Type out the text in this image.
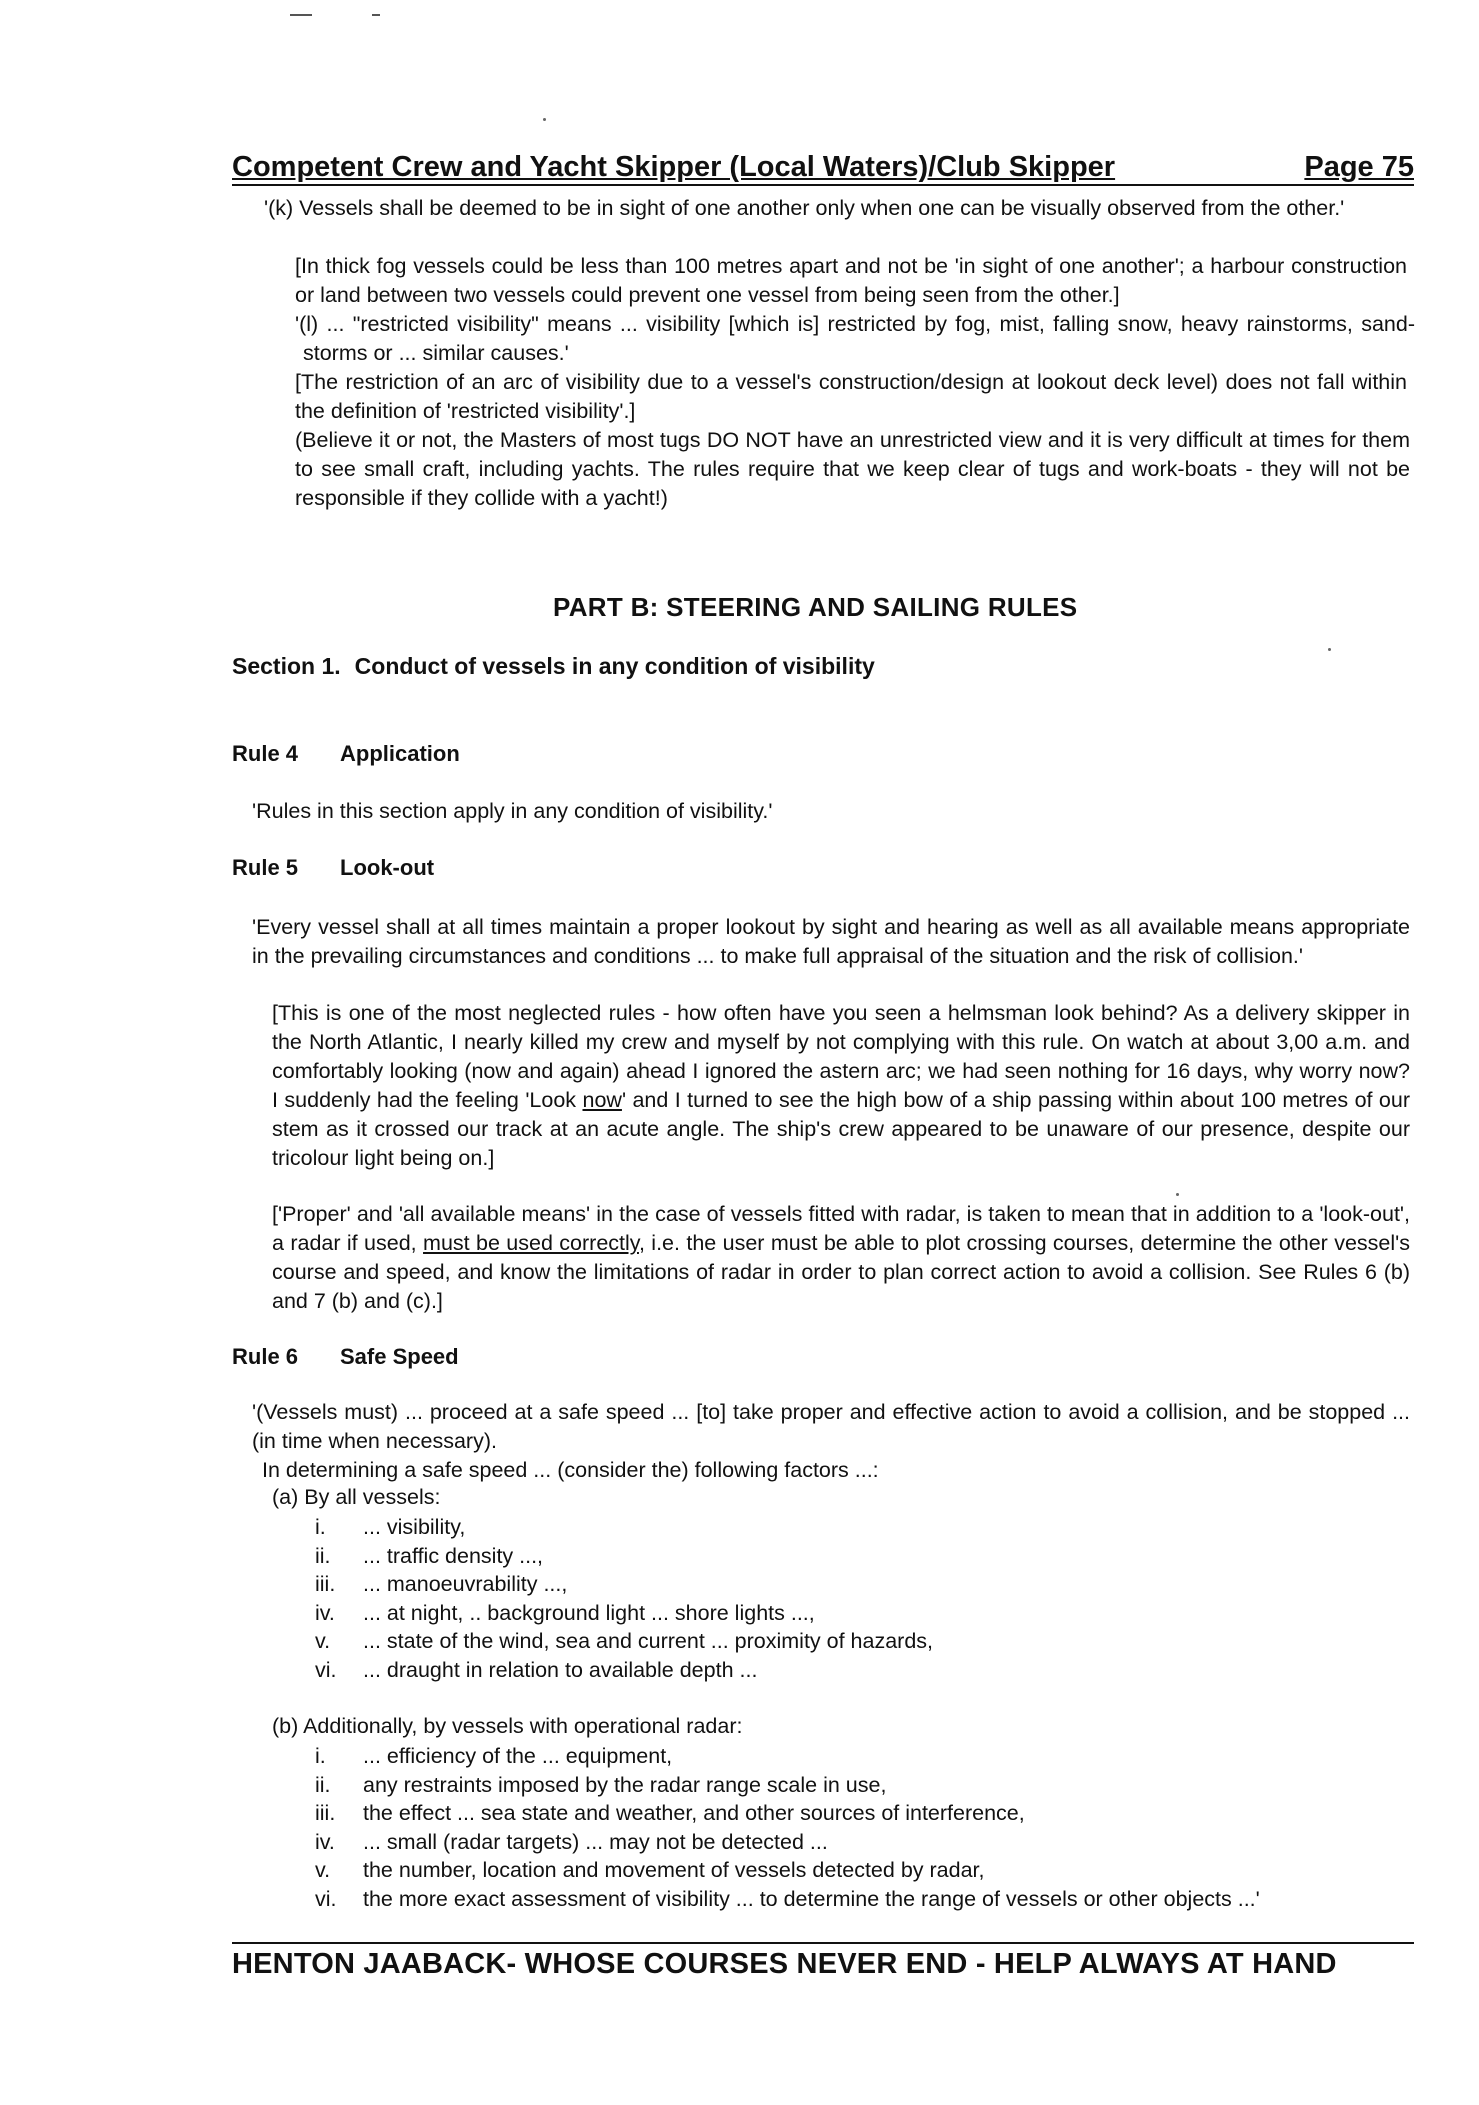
Competent Crew and Yacht Skipper (Local Waters)/Club Skipper	Page 75

'(k) Vessels shall be deemed to be in sight of one another only when one can be visually observed from the other.'

[In thick fog vessels could be less than 100 metres apart and not be 'in sight of one another'; a harbour construction or land between two vessels could prevent one vessel from being seen from the other.]

'(l) ... "restricted visibility" means ... visibility [which is] restricted by fog, mist, falling snow, heavy rainstorms, sand-storms or ... similar causes.'

[The restriction of an arc of visibility due to a vessel's construction/design at lookout deck level) does not fall within the definition of 'restricted visibility'.]

(Believe it or not, the Masters of most tugs DO NOT have an unrestricted view and it is very difficult at times for them to see small craft, including yachts. The rules require that we keep clear of tugs and work-boats - they will not be responsible if they collide with a yacht!)

PART B: STEERING AND SAILING RULES
Section 1. Conduct of vessels in any condition of visibility
Rule 4 Application

'Rules in this section apply in any condition of visibility.'

Rule 5 Look-out

'Every vessel shall at all times maintain a proper lookout by sight and hearing as well as all available means appropriate in the prevailing circumstances and conditions ... to make full appraisal of the situation and the risk of collision.'

[This is one of the most neglected rules - how often have you seen a helmsman look behind? As a delivery skipper in the North Atlantic, I nearly killed my crew and myself by not complying with this rule. On watch at about 3,00 a.m. and comfortably looking (now and again) ahead I ignored the astern arc; we had seen nothing for 16 days, why worry now? I suddenly had the feeling 'Look now' and I turned to see the high bow of a ship passing within about 100 metres of our stem as it crossed our track at an acute angle. The ship's crew appeared to be unaware of our presence, despite our tricolour light being on.]

['Proper' and 'all available means' in the case of vessels fitted with radar, is taken to mean that in addition to a 'look-out', a radar if used, must be used correctly, i.e. the user must be able to plot crossing courses, determine the other vessel's course and speed, and know the limitations of radar in order to plan correct action to avoid a collision. See Rules 6 (b) and 7 (b) and (c).]

Rule 6 Safe Speed

'(Vessels must) ... proceed at a safe speed ... [to] take proper and effective action to avoid a collision, and be stopped ... (in time when necessary).

In determining a safe speed ... (consider the) following factors ...:

(a) By all vessels:
i.	... visibility,
ii.	... traffic density ...,
iii.	... manoeuvrability ...,
iv.	... at night, .. background light ... shore lights ...,
v.	... state of the wind, sea and current ... proximity of hazards,
vi.	... draught in relation to available depth ...
(b) Additionally, by vessels with operational radar:
i.	... efficiency of the ... equipment,
ii.	any restraints imposed by the radar range scale in use,
iii.	the effect ... sea state and weather, and other sources of interference,
iv.	... small (radar targets) ... may not be detected ...
v.	the number, location and movement of vessels detected by radar,
vi.	the more exact assessment of visibility ... to determine the range of vessels or other objects ...'
HENTON JAABACK- WHOSE COURSES NEVER END - HELP ALWAYS AT HAND
